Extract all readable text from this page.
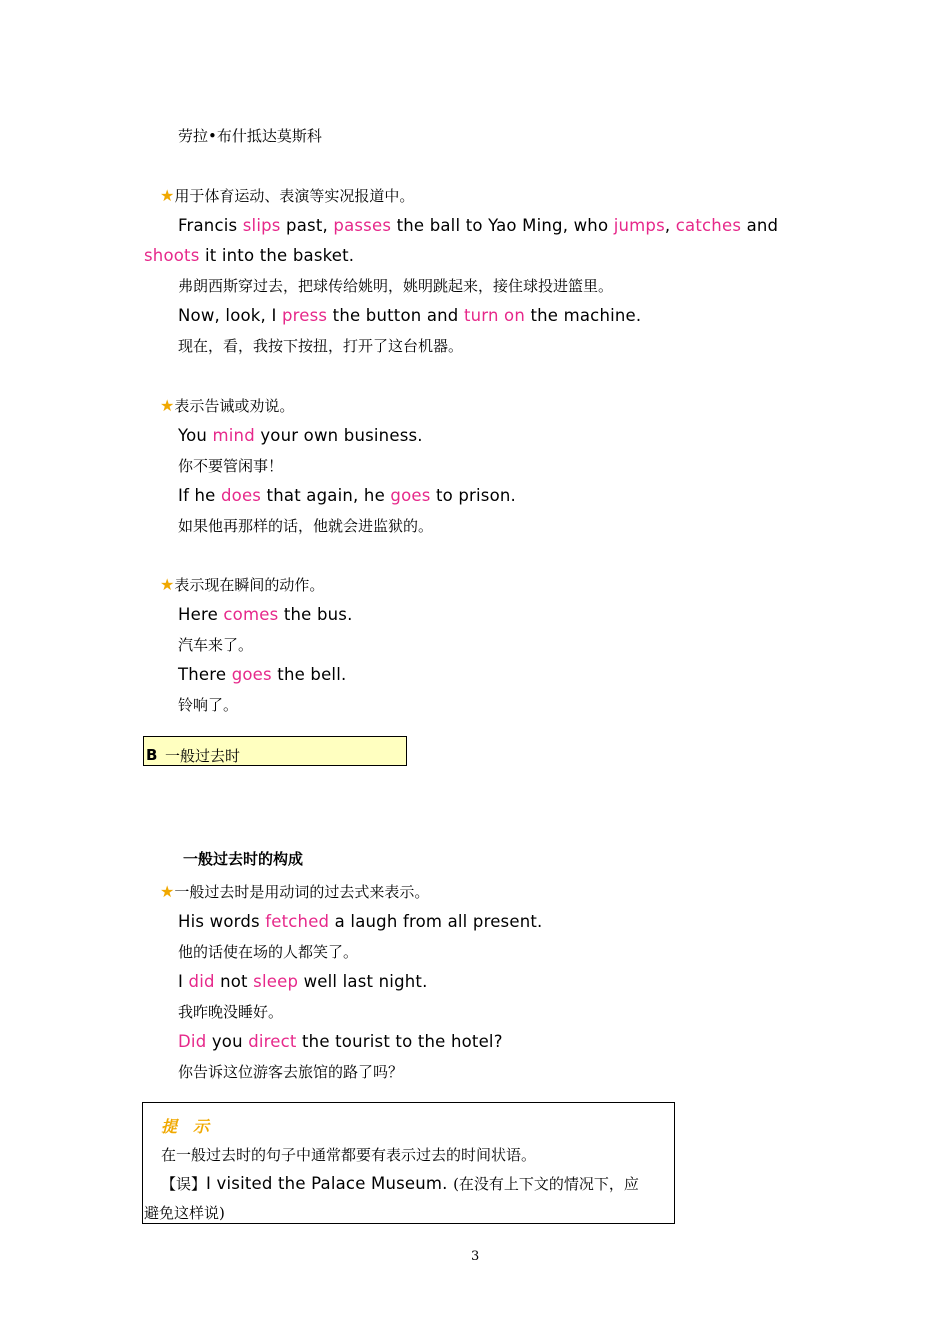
劳拉•布什抵达莫斯科
★用于体育运动、表演等实况报道中。
Francis slips past, passes the ball to Yao Ming, who jumps, catches and
shoots it into the basket.
弗朗西斯穿过去，把球传给姚明，姚明跳起来，接住球投进篮里。
Now, look, I press the button and turn on the machine.
现在，看，我按下按扭，打开了这台机器。
★表示告诫或劝说。
You mind your own business.
你不要管闲事！
If he does that again, he goes to prison.
如果他再那样的话，他就会进监狱的。
★表示现在瞬间的动作。
Here comes the bus.
汽车来了。
There goes the bell.
铃响了。
B 一般过去时
一般过去时的构成
★一般过去时是用动词的过去式来表示。
His words fetched a laugh from all present.
他的话使在场的人都笑了。
I did not sleep well last night.
我昨晚没睡好。
Did you direct the tourist to the hotel?
你告诉这位游客去旅馆的路了吗？
提　示
在一般过去时的句子中通常都要有表示过去的时间状语。
【误】I visited the Palace Museum. (在没有上下文的情况下，应
避免这样说)
3
